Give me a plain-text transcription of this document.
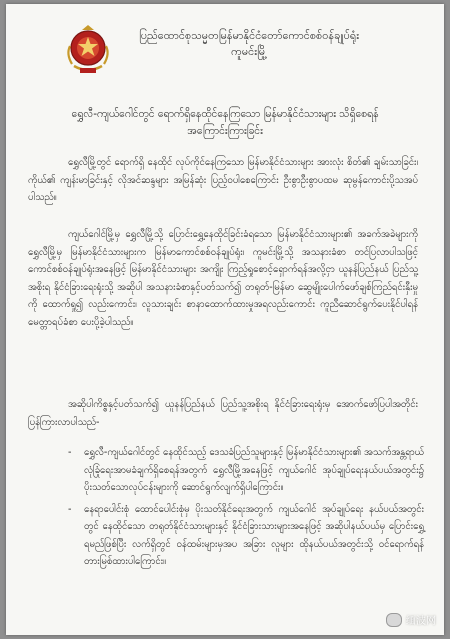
ပြည်ထောင်စုသမ္မတမြန်မာနိုင်ငံတော်ကောင်စစ်ဝန်ချုပ်ရုံး
ကူမင်းမြို့
ရွှေလီ-ကျယ်ဂေါင်တွင် ရောက်ရှိနေထိုင်နေကြသော မြန်မာနိုင်ငံသားများ သိရှိစေရန်
အကြောင်းကြားခြင်း

ရွှေလီမြို့တွင် ရောက်ရှိ နေထိုင် လုပ်ကိုင်နေကြသော မြန်မာနိုင်ငံသားများ အားလုံး စိတ်၏ ချမ်းသာခြင်း၊ ကိုယ်၏ ကျန်းမာခြင်းနှင့် လိုအင်ဆန္ဒများ အမြန်ဆုံး ပြည့်ဝပါစေကြောင်း ဦးစွာဦးစွာပထမ ဆုမွန်ကောင်းပို့သအပ်ပါသည်။

ကျယ်ဂေါင်မြို့မှ ရွှေလီမြို့သို့ ပြောင်းရွှေ့နေထိုင်ခြင်းခံရသော မြန်မာနိုင်ငံသားများ၏ အခက်အခဲများကို ရွှေလီမြို့မှ မြန်မာနိုင်ငံသားများက မြန်မာကောင်စစ်ဝန်ချုပ်ရုံး၊ ကူမင်းမြို့သို့ အသနားခံစာ တင်ပြလာပါသဖြင့် ကောင်စစ်ဝန်ချုပ်ရုံးအနေဖြင့် မြန်မာနိုင်ငံသားများ အကျိုး ကြည့်ရှုစောင့်ရှောက်ရန်အလို့ငှာ ယူနန်ပြည်နယ် ပြည်သူ့အစိုးရ နိုင်ငံခြားရေးရုံးသို့ အဆိုပါ အသနားခံစာနှင့်ပတ်သက်၍ တရုတ်-မြန်မာ ဆွေမျိုးပေါက်ဖော်ချစ်ကြည်ရင်းနှီးမှုကို ထောက်ရှု၍ လည်းကောင်း၊ လူသားချင်း စာနာထောက်ထားမှုအရလည်းကောင်း ကူညီဆောင်ရွက်ပေးနိုင်ပါရန် မေတ္တာရပ်ခံစာ ပေးပို့ခဲ့ပါသည်။

အဆိုပါကိစ္စနှင့်ပတ်သက်၍ ယူနန်ပြည်နယ် ပြည်သူ့အစိုးရ နိုင်ငံခြားရေးရုံးမှ အောက်ဖော်ပြပါအတိုင်း ပြန်ကြားလာပါသည်-

- ရွှေလီ-ကျယ်ဂေါင်တွင် နေထိုင်သည့် ဒေသခံပြည်သူများနှင့် မြန်မာနိုင်ငံသားများ၏ အသက်အန္တရာယ်လုံခြုံရေးအာမခံချက်ရှိစေရန်အတွက် ရွှေလီမြို့အနေဖြင့် ကျယ်ဂေါင် အုပ်ချုပ်ရေးနယ်ပယ်အတွင်း၌ ပိုးသတ်သောလုပ်ငန်းများကို ဆောင်ရွက်လျက်ရှိပါကြောင်း။
- နေရာပေါင်းစုံ ထောင်ပေါင်းစုံမှ ပိုးသတ်နိုင်ရေးအတွက် ကျယ်ဂေါင် အုပ်ချုပ်ရေး နယ်ပယ်အတွင်းတွင် နေထိုင်သော တရုတ်နိုင်ငံသားများနှင့် နိုင်ငံခြားသားများအနေဖြင့် အဆိုပါနယ်ပယ်မှ ပြောင်းရွှေ့ရမည်ဖြစ်ပြီး လက်ရှိတွင် ဝန်ထမ်းများမှအပ အခြား လူများ ထိုနယ်ပယ်အတွင်းသို့ ဝင်ရောက်ရန် တားမြစ်ထားပါကြောင်း။
缅波网
